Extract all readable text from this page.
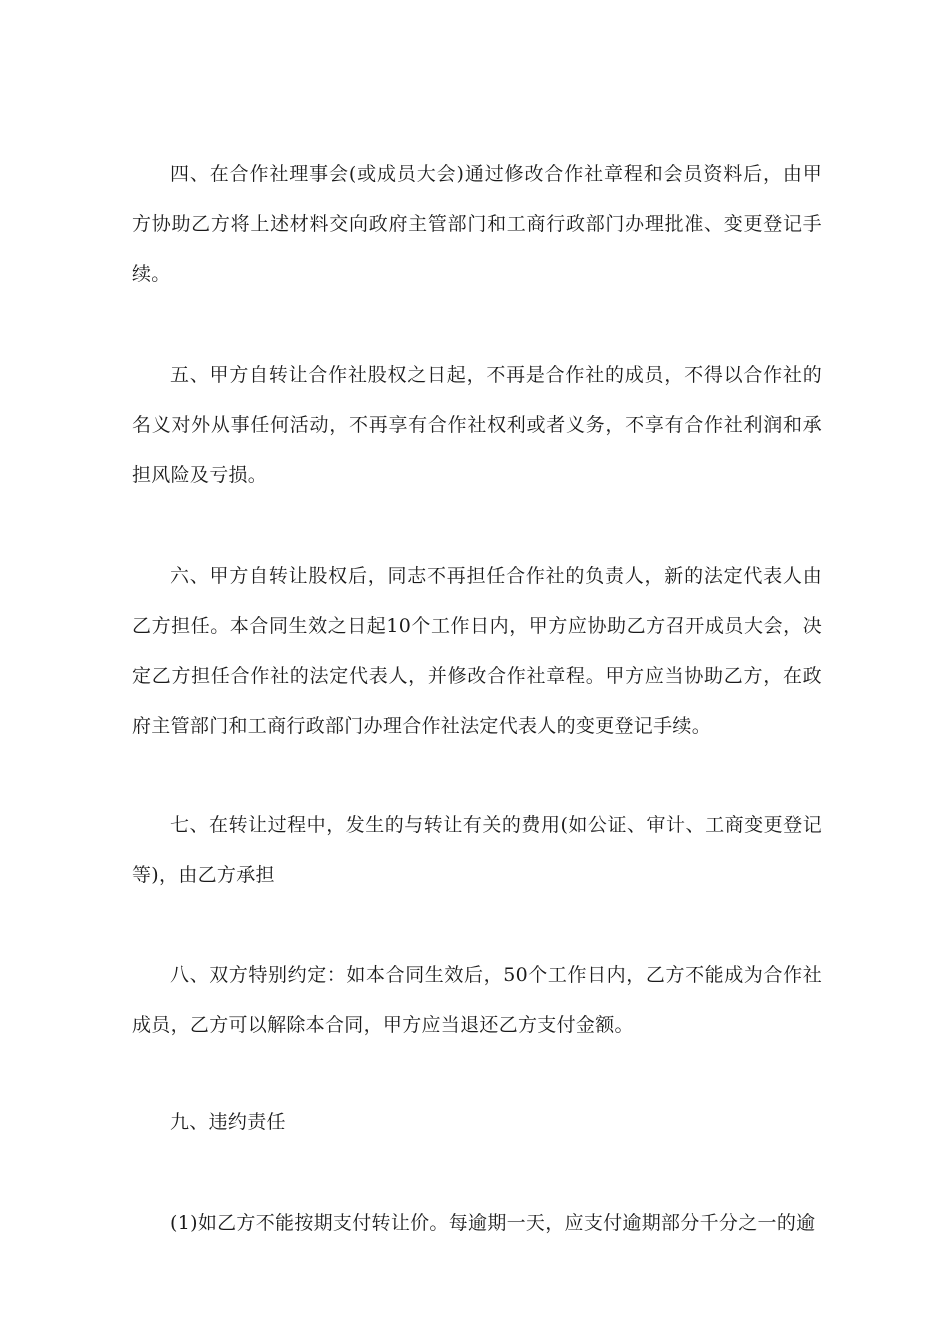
四、在合作社理事会(或成员大会)通过修改合作社章程和会员资料后，由甲方协助乙方将上述材料交向政府主管部门和工商行政部门办理批准、变更登记手续。

五、甲方自转让合作社股权之日起，不再是合作社的成员，不得以合作社的名义对外从事任何活动，不再享有合作社权利或者义务，不享有合作社利润和承担风险及亏损。

六、甲方自转让股权后，同志不再担任合作社的负责人，新的法定代表人由乙方担任。本合同生效之日起10个工作日内，甲方应协助乙方召开成员大会，决定乙方担任合作社的法定代表人，并修改合作社章程。甲方应当协助乙方，在政府主管部门和工商行政部门办理合作社法定代表人的变更登记手续。

七、在转让过程中，发生的与转让有关的费用(如公证、审计、工商变更登记等)，由乙方承担

八、双方特别约定：如本合同生效后，50个工作日内，乙方不能成为合作社成员，乙方可以解除本合同，甲方应当退还乙方支付金额。

九、违约责任

(1)如乙方不能按期支付转让价。每逾期一天，应支付逾期部分千分之一的逾
